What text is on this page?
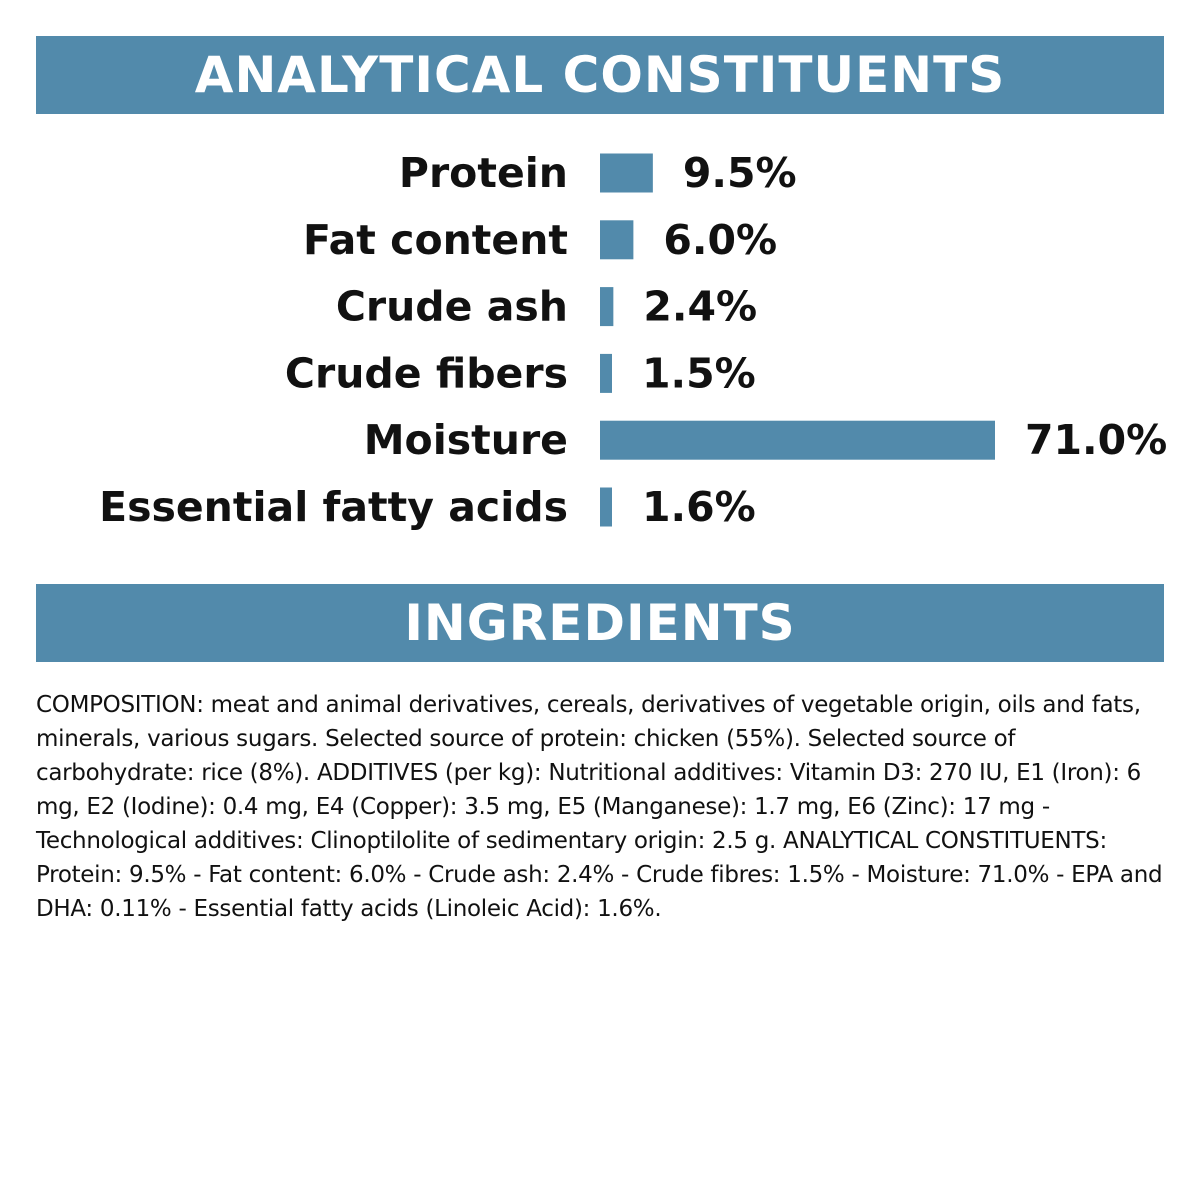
ANALYTICAL CONSTITUENTS
Protein	9.5%
Fat content 6.0%
Crude ash 2.4%
Crude fibers 1.5%
Moisture	71.0%
Essential fatty acids 1.6%
INGREDIENTS

COMPOSITION: meat and animal derivatives, cereals, derivatives of vegetable origin, oils and fats, minerals, various sugars. Selected source of protein: chicken (55%). Selected source of carbohydrate: rice (8%). ADDITIVES (per kg): Nutritional additives: Vitamin D3: 270 IU, E1 (Iron): 6 mg, E2 (Iodine): 0.4 mg, E4 (Copper): 3.5 mg, E5 (Manganese): 1.7 mg, E6 (Zinc): 17 mg - Technological additives: Clinoptilolite of sedimentary origin: 2.5 g. ANALYTICAL CONSTITUENTS: Protein: 9.5% - Fat content: 6.0% - Crude ash: 2.4% - Crude fibres: 1.5% - Moisture: 71.0% - EPA and DHA: 0.11% - Essential fatty acids (Linoleic Acid): 1.6%.
